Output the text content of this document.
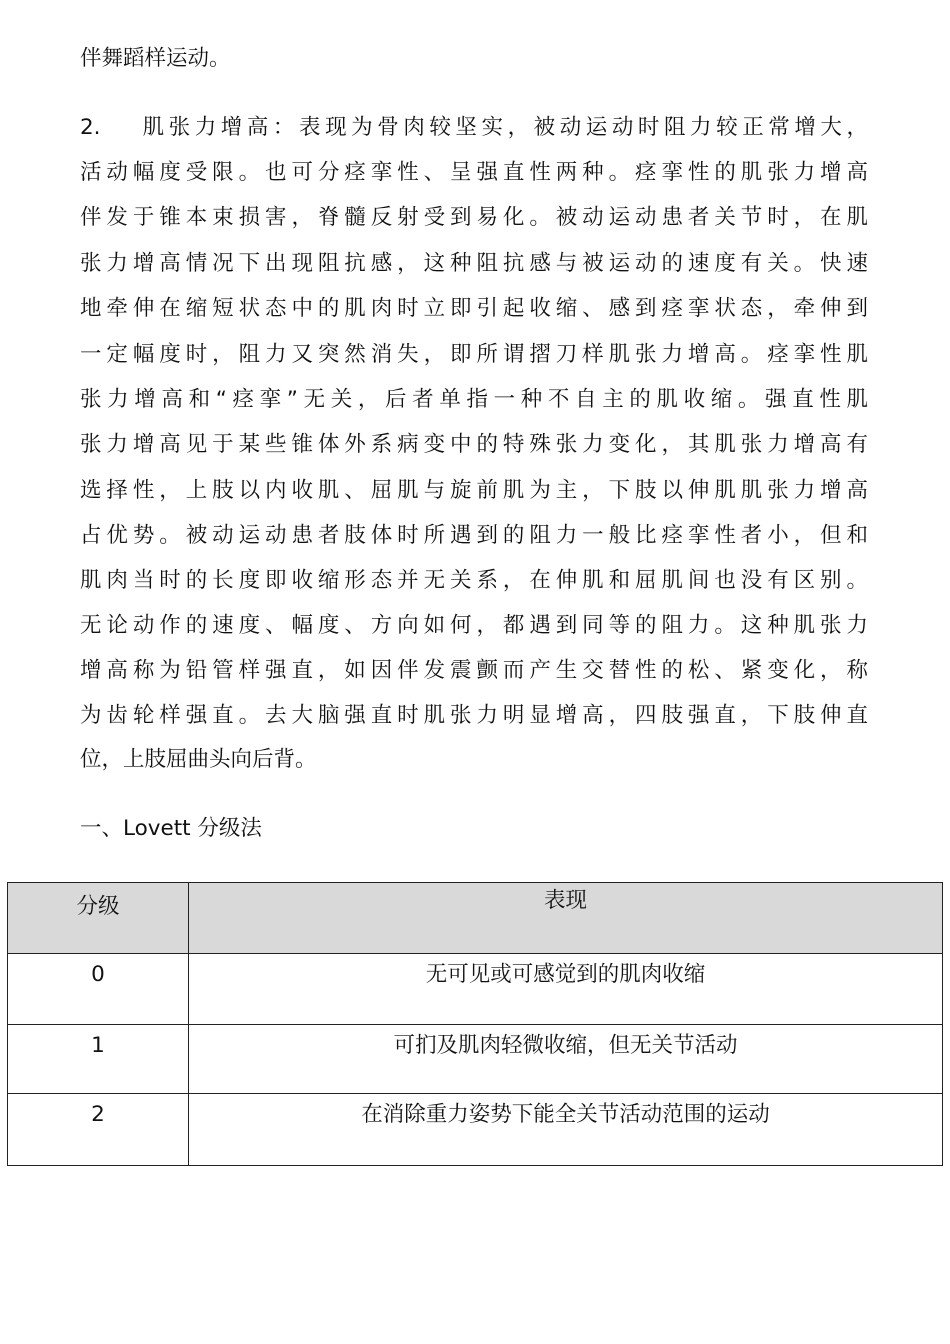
伴舞蹈样运动。
2. 肌张力增高：表现为骨肉较坚实，被动运动时阻力较正常增大，
活动幅度受限。也可分痉挛性、呈强直性两种。痉挛性的肌张力增高
伴发于锥本束损害，脊髓反射受到易化。被动运动患者关节时，在肌
张力增高情况下出现阻抗感，这种阻抗感与被运动的速度有关。快速
地牵伸在缩短状态中的肌肉时立即引起收缩、感到痉挛状态，牵伸到
一定幅度时，阻力又突然消失，即所谓摺刀样肌张力增高。痉挛性肌
张力增高和“痉挛”无关，后者单指一种不自主的肌收缩。强直性肌
张力增高见于某些锥体外系病变中的特殊张力变化，其肌张力增高有
选择性，上肢以内收肌、屈肌与旋前肌为主，下肢以伸肌肌张力增高
占优势。被动运动患者肢体时所遇到的阻力一般比痉挛性者小，但和
肌肉当时的长度即收缩形态并无关系，在伸肌和屈肌间也没有区别。
无论动作的速度、幅度、方向如何，都遇到同等的阻力。这种肌张力
增高称为铅管样强直，如因伴发震颤而产生交替性的松、紧变化，称
为齿轮样强直。去大脑强直时肌张力明显增高，四肢强直，下肢伸直
位，上肢屈曲头向后背。
一、Lovett 分级法
分级	表现
0	无可见或可感觉到的肌肉收缩
1	可扪及肌肉轻微收缩，但无关节活动
2	在消除重力姿势下能全关节活动范围的运动
